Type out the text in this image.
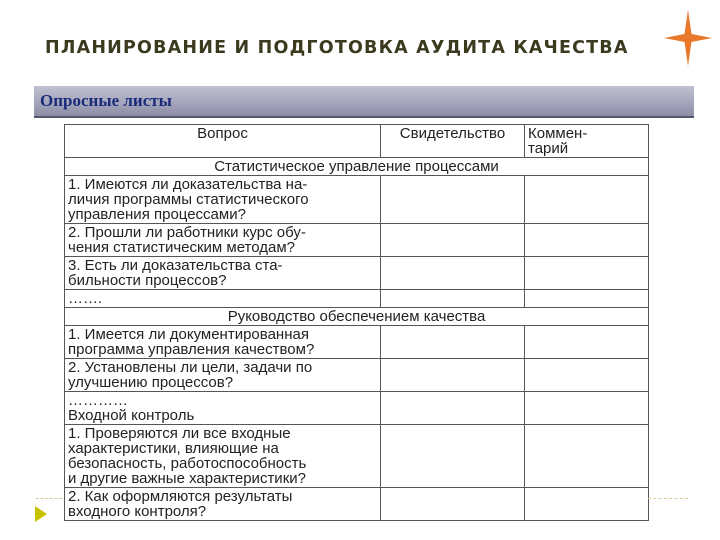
ПЛАНИРОВАНИЕ И ПОДГОТОВКА АУДИТА КАЧЕСТВА
Опросные листы
Вопрос	Свидетельство	Коммен-
тарий
Статистическое управление процессами		
1. Имеются ли доказательства на-
личия программы статистического
управления процессами?		
2. Прошли ли работники курс обу-
чения статистическим методам?		
3. Есть ли доказательства ста-
бильности процессов?		
…….		
Руководство обеспечением качества		
1. Имеется ли документированная
программа управления качеством?		
2. Установлены ли цели, задачи по
улучшению процессов?		
…………
Входной контроль		
1. Проверяются ли все входные
характеристики, влияющие на
безопасность, работоспособность
и другие важные характеристики?		
2. Как оформляются результаты
входного контроля?		
